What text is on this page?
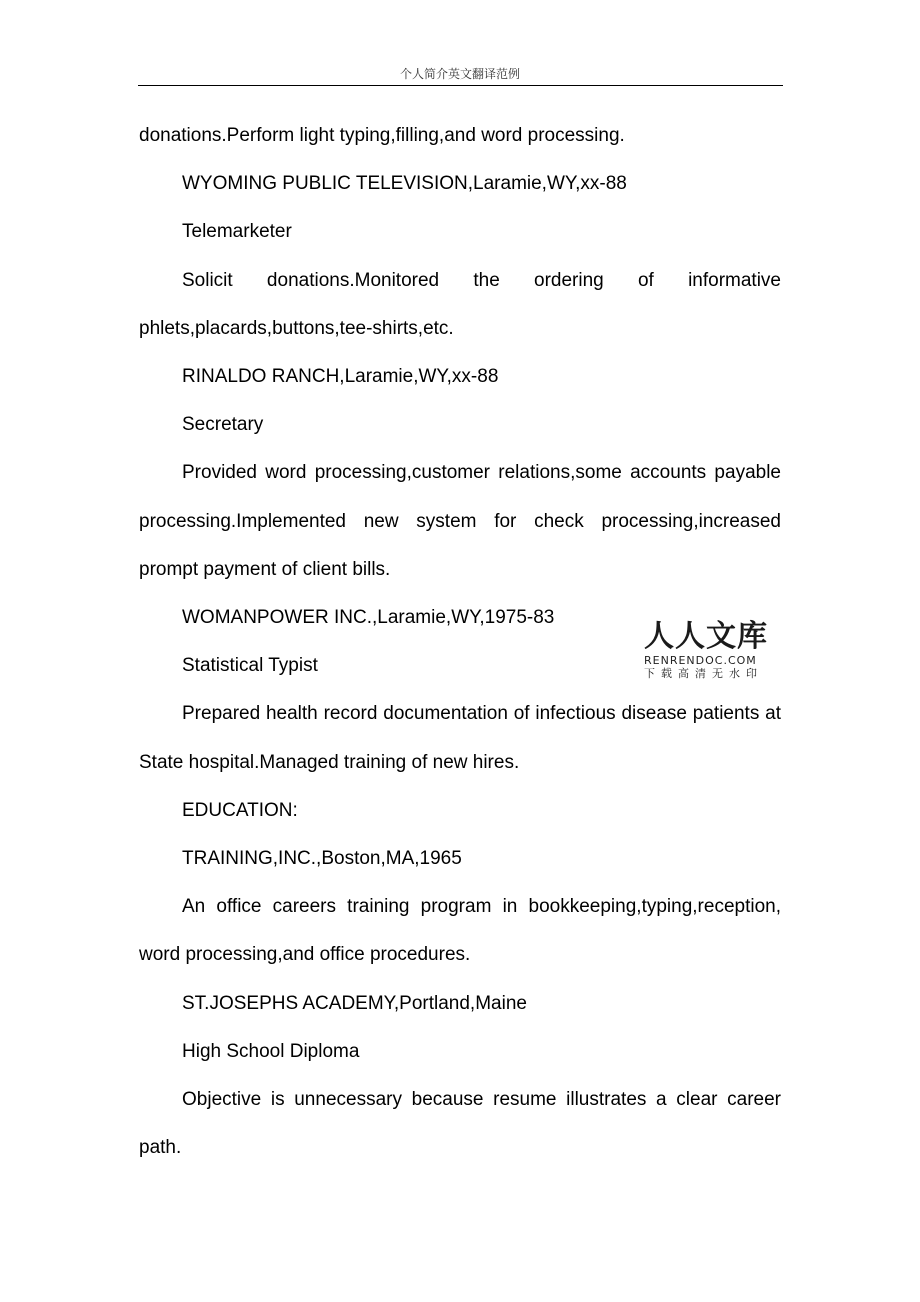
个人简介英文翻译范例

donations.Perform light typing,filling,and word processing.

WYOMING PUBLIC TELEVISION,Laramie,WY,xx-88

Telemarketer

Solicit donations.Monitored the ordering of informative phlets,placards,buttons,tee-shirts,etc.

RINALDO RANCH,Laramie,WY,xx-88

Secretary

Provided word processing,customer relations,some accounts payable processing.Implemented new system for check processing,increased prompt payment of client bills.

WOMANPOWER INC.,Laramie,WY,1975-83

Statistical Typist

Prepared health record documentation of infectious disease patients at State hospital.Managed training of new hires.

EDUCATION:

TRAINING,INC.,Boston,MA,1965

An office careers training program in bookkeeping,typing,reception, word processing,and office procedures.

ST.JOSEPHS ACADEMY,Portland,Maine

High School Diploma

Objective is unnecessary because resume illustrates a clear career path.

人人文库
RENRENDOC.COM
下载高清无水印
